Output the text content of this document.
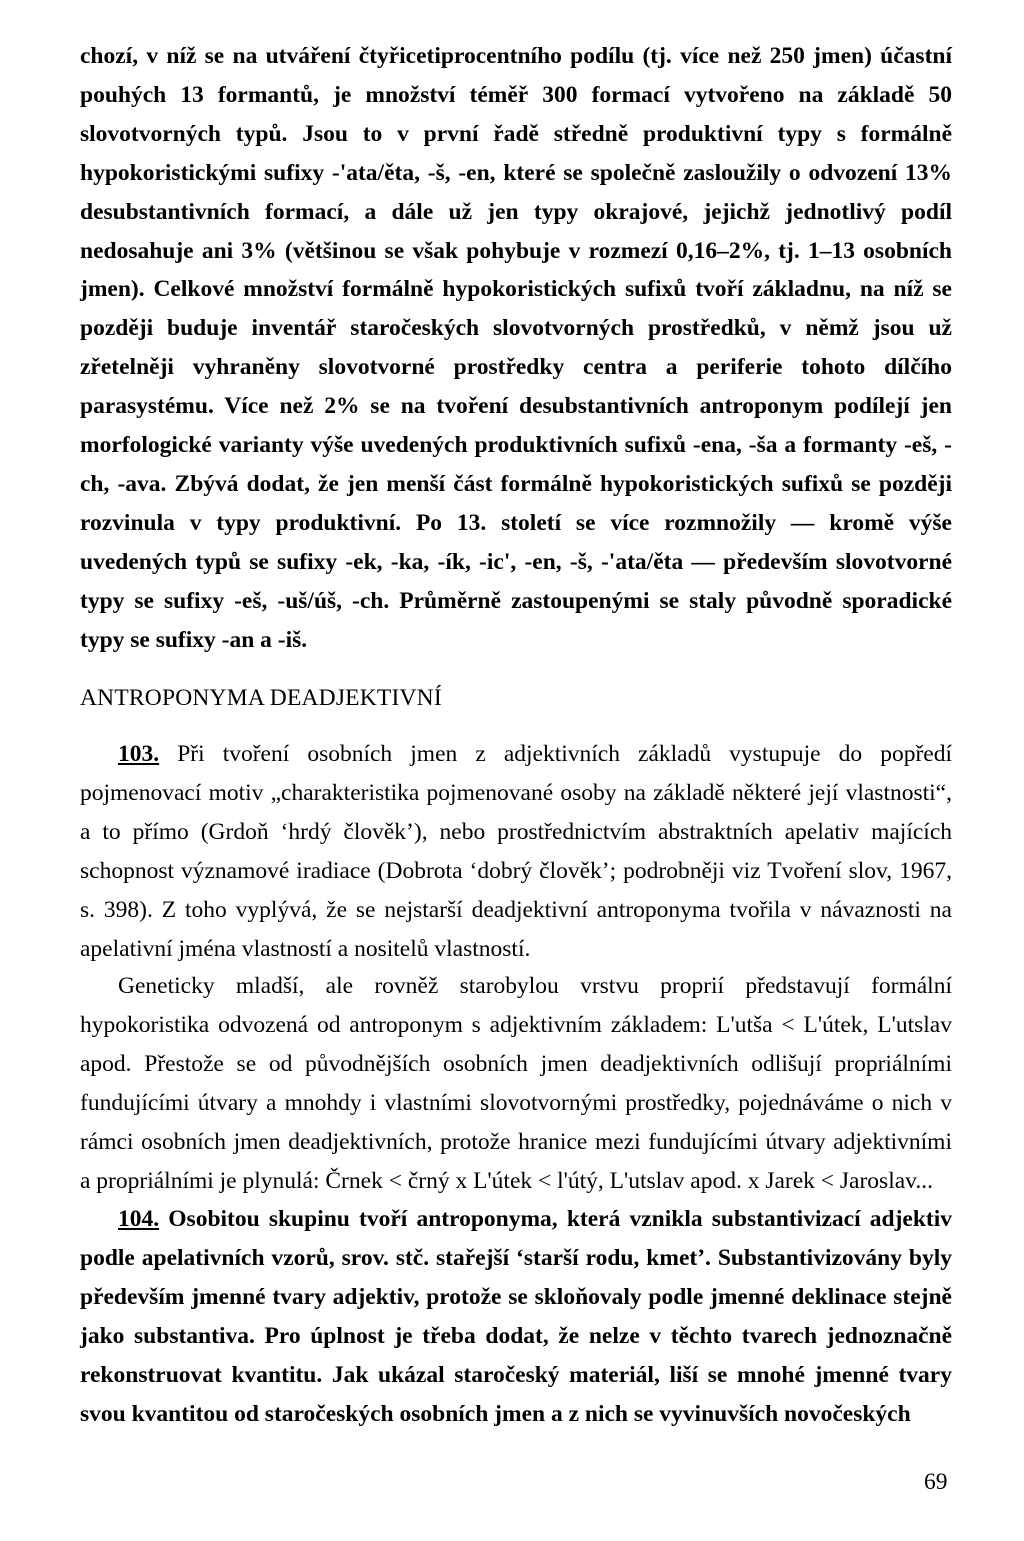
chozí, v níž se na utváření čtyřicetiprocentního podílu (tj. více než 250 jmen) účastní pouhých 13 formantů, je množství téměř 300 formací vytvořeno na základě 50 slovotvorných typů. Jsou to v první řadě středně produktivní typy s formálně hypokoristickými sufixy -'ata/ěta, -š, -en, které se společně zasloužily o odvození 13% desubstantivních formací, a dále už jen typy okrajové, jejichž jednotlivý podíl nedosahuje ani 3% (většinou se však pohybuje v rozmezí 0,16–2%, tj. 1–13 osobních jmen). Celkové množství formálně hypokoristických sufixů tvoří základnu, na níž se později buduje inventář staročeských slovotvorných prostředků, v němž jsou už zřetelněji vyhraněny slovotvorné prostředky centra a periferie tohoto dílčího parasystému. Více než 2% se na tvoření desubstantivních antroponym podílejí jen morfologické varianty výše uvedených produktivních sufixů -ena, -ša a formanty -eš, -ch, -ava. Zbývá dodat, že jen menší část formálně hypokoristických sufixů se později rozvinula v typy produktivní. Po 13. století se více rozmnožily — kromě výše uvedených typů se sufixy -ek, -ka, -ík, -ic', -en, -š, -'ata/ěta — především slovotvorné typy se sufixy -eš, -uš/úš, -ch. Průměrně zastoupenými se staly původně sporadické typy se sufixy -an a -iš.

ANTROPONYMA DEADJEKTIVNÍ

103. Při tvoření osobních jmen z adjektivních základů vystupuje do popředí pojmenovací motiv „charakteristika pojmenované osoby na základě některé její vlastnosti“, a to přímo (Grdoň ‘hrdý člověk’), nebo prostřednictvím abstraktních apelativ majících schopnost významové iradiace (Dobrota ‘dobrý člověk’; podrobněji viz Tvoření slov, 1967, s. 398). Z toho vyplývá, že se nejstarší deadjektivní antroponyma tvořila v návaznosti na apelativní jména vlastností a nositelů vlastností.

Geneticky mladší, ale rovněž starobylou vrstvu proprií představují formální hypokoristika odvozená od antroponym s adjektivním základem: L'utša < L'útek, L'utslav apod. Přestože se od původnějších osobních jmen deadjektivních odlišují propriálními fundujícími útvary a mnohdy i vlastními slovotvornými prostředky, pojednáváme o nich v rámci osobních jmen deadjektivních, protože hranice mezi fundujícími útvary adjektivními a propriálními je plynulá: Črnek < črný x L'útek < l'útý, L'utslav apod. x Jarek < Jaroslav...

104. Osobitou skupinu tvoří antroponyma, která vznikla substantivizací adjektiv podle apelativních vzorů, srov. stč. stařejší ‘starší rodu, kmet’. Substantivizovány byly především jmenné tvary adjektiv, protože se skloňovaly podle jmenné deklinace stejně jako substantiva. Pro úplnost je třeba dodat, že nelze v těchto tvarech jednoznačně rekonstruovat kvantitu. Jak ukázal staročeský materiál, liší se mnohé jmenné tvary svou kvantitou od staročeských osobních jmen a z nich se vyvinuvších novočeských

69
